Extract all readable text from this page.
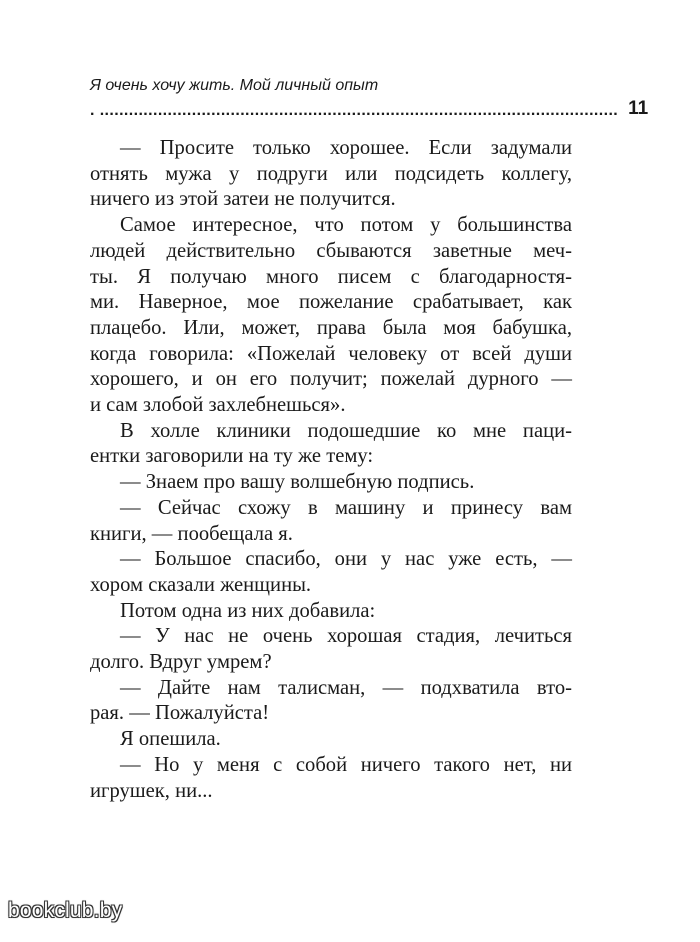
Я очень хочу жить. Мой личный опыт
. ........................................................................................................... 11
— Просите только хорошее. Если задумали
отнять мужа у подруги или подсидеть коллегу,
ничего из этой затеи не получится.
Самое интересное, что потом у большинства
людей действительно сбываются заветные меч-
ты. Я получаю много писем с благодарностя-
ми. Наверное, мое пожелание срабатывает, как
плацебо. Или, может, права была моя бабушка,
когда говорила: «Пожелай человеку от всей души
хорошего, и он его получит; пожелай дурного —
и сам злобой захлебнешься».
В холле клиники подошедшие ко мне паци-
ентки заговорили на ту же тему:
— Знаем про вашу волшебную подпись.
— Сейчас схожу в машину и принесу вам
книги, — пообещала я.
— Большое спасибо, они у нас уже есть, —
хором сказали женщины.
Потом одна из них добавила:
— У нас не очень хорошая стадия, лечиться
долго. Вдруг умрем?
— Дайте нам талисман, — подхватила вто-
рая. — Пожалуйста!
Я опешила.
— Но у меня с собой ничего такого нет, ни
игрушек, ни...
bookclub.by
